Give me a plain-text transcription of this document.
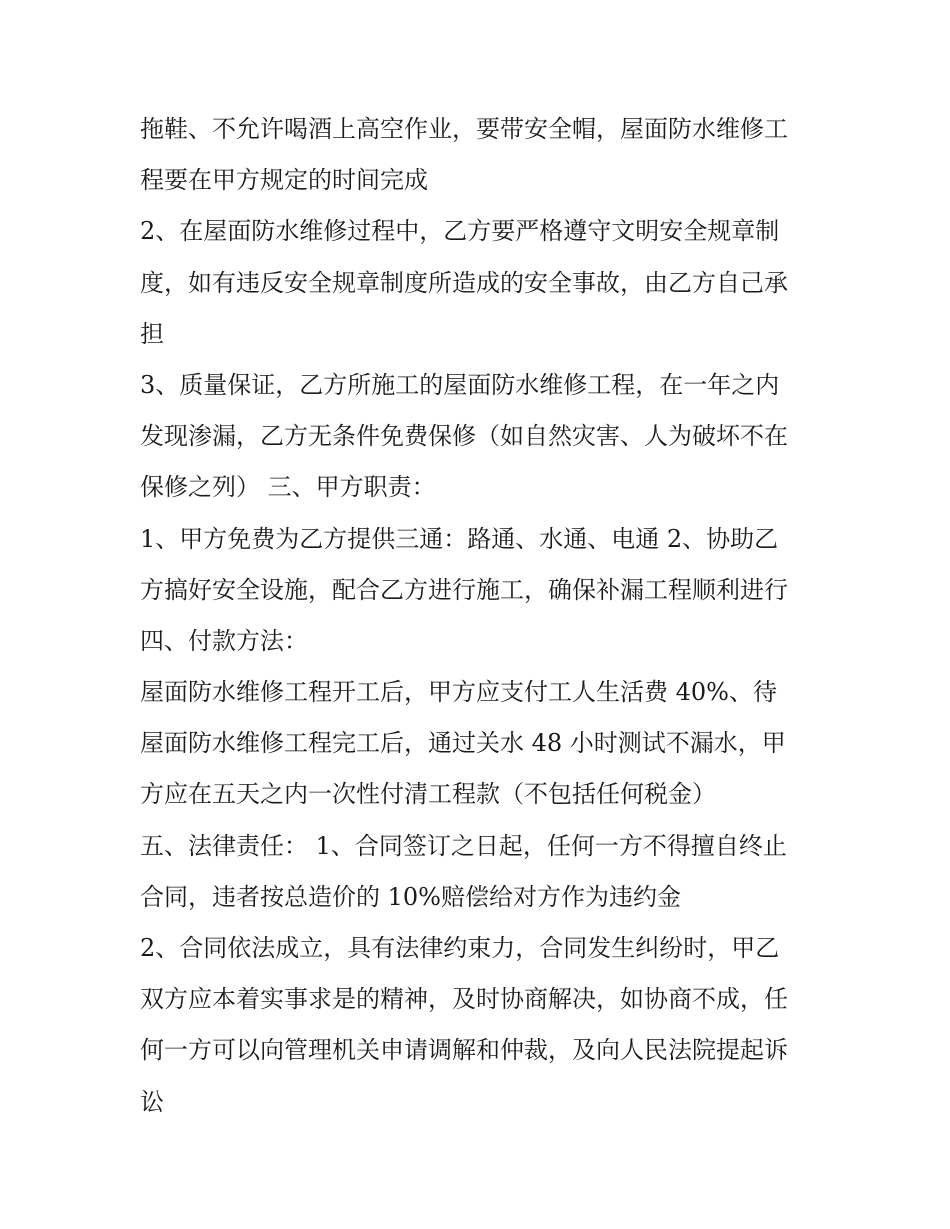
拖鞋、不允许喝酒上高空作业，要带安全帽，屋面防水维修工
程要在甲方规定的时间完成
2、在屋面防水维修过程中，乙方要严格遵守文明安全规章制
度，如有违反安全规章制度所造成的安全事故，由乙方自己承
担
3、质量保证，乙方所施工的屋面防水维修工程，在一年之内
发现渗漏，乙方无条件免费保修（如自然灾害、人为破坏不在
保修之列） 三、甲方职责：
1、甲方免费为乙方提供三通：路通、水通、电通 2、协助乙
方搞好安全设施，配合乙方进行施工，确保补漏工程顺利进行
四、付款方法：
屋面防水维修工程开工后，甲方应支付工人生活费 40%、待
屋面防水维修工程完工后，通过关水 48 小时测试不漏水，甲
方应在五天之内一次性付清工程款（不包括任何税金）
五、法律责任： 1、合同签订之日起，任何一方不得擅自终止
合同，违者按总造价的 10%赔偿给对方作为违约金
2、合同依法成立，具有法律约束力，合同发生纠纷时，甲乙
双方应本着实事求是的精神，及时协商解决，如协商不成，任
何一方可以向管理机关申请调解和仲裁，及向人民法院提起诉
讼
